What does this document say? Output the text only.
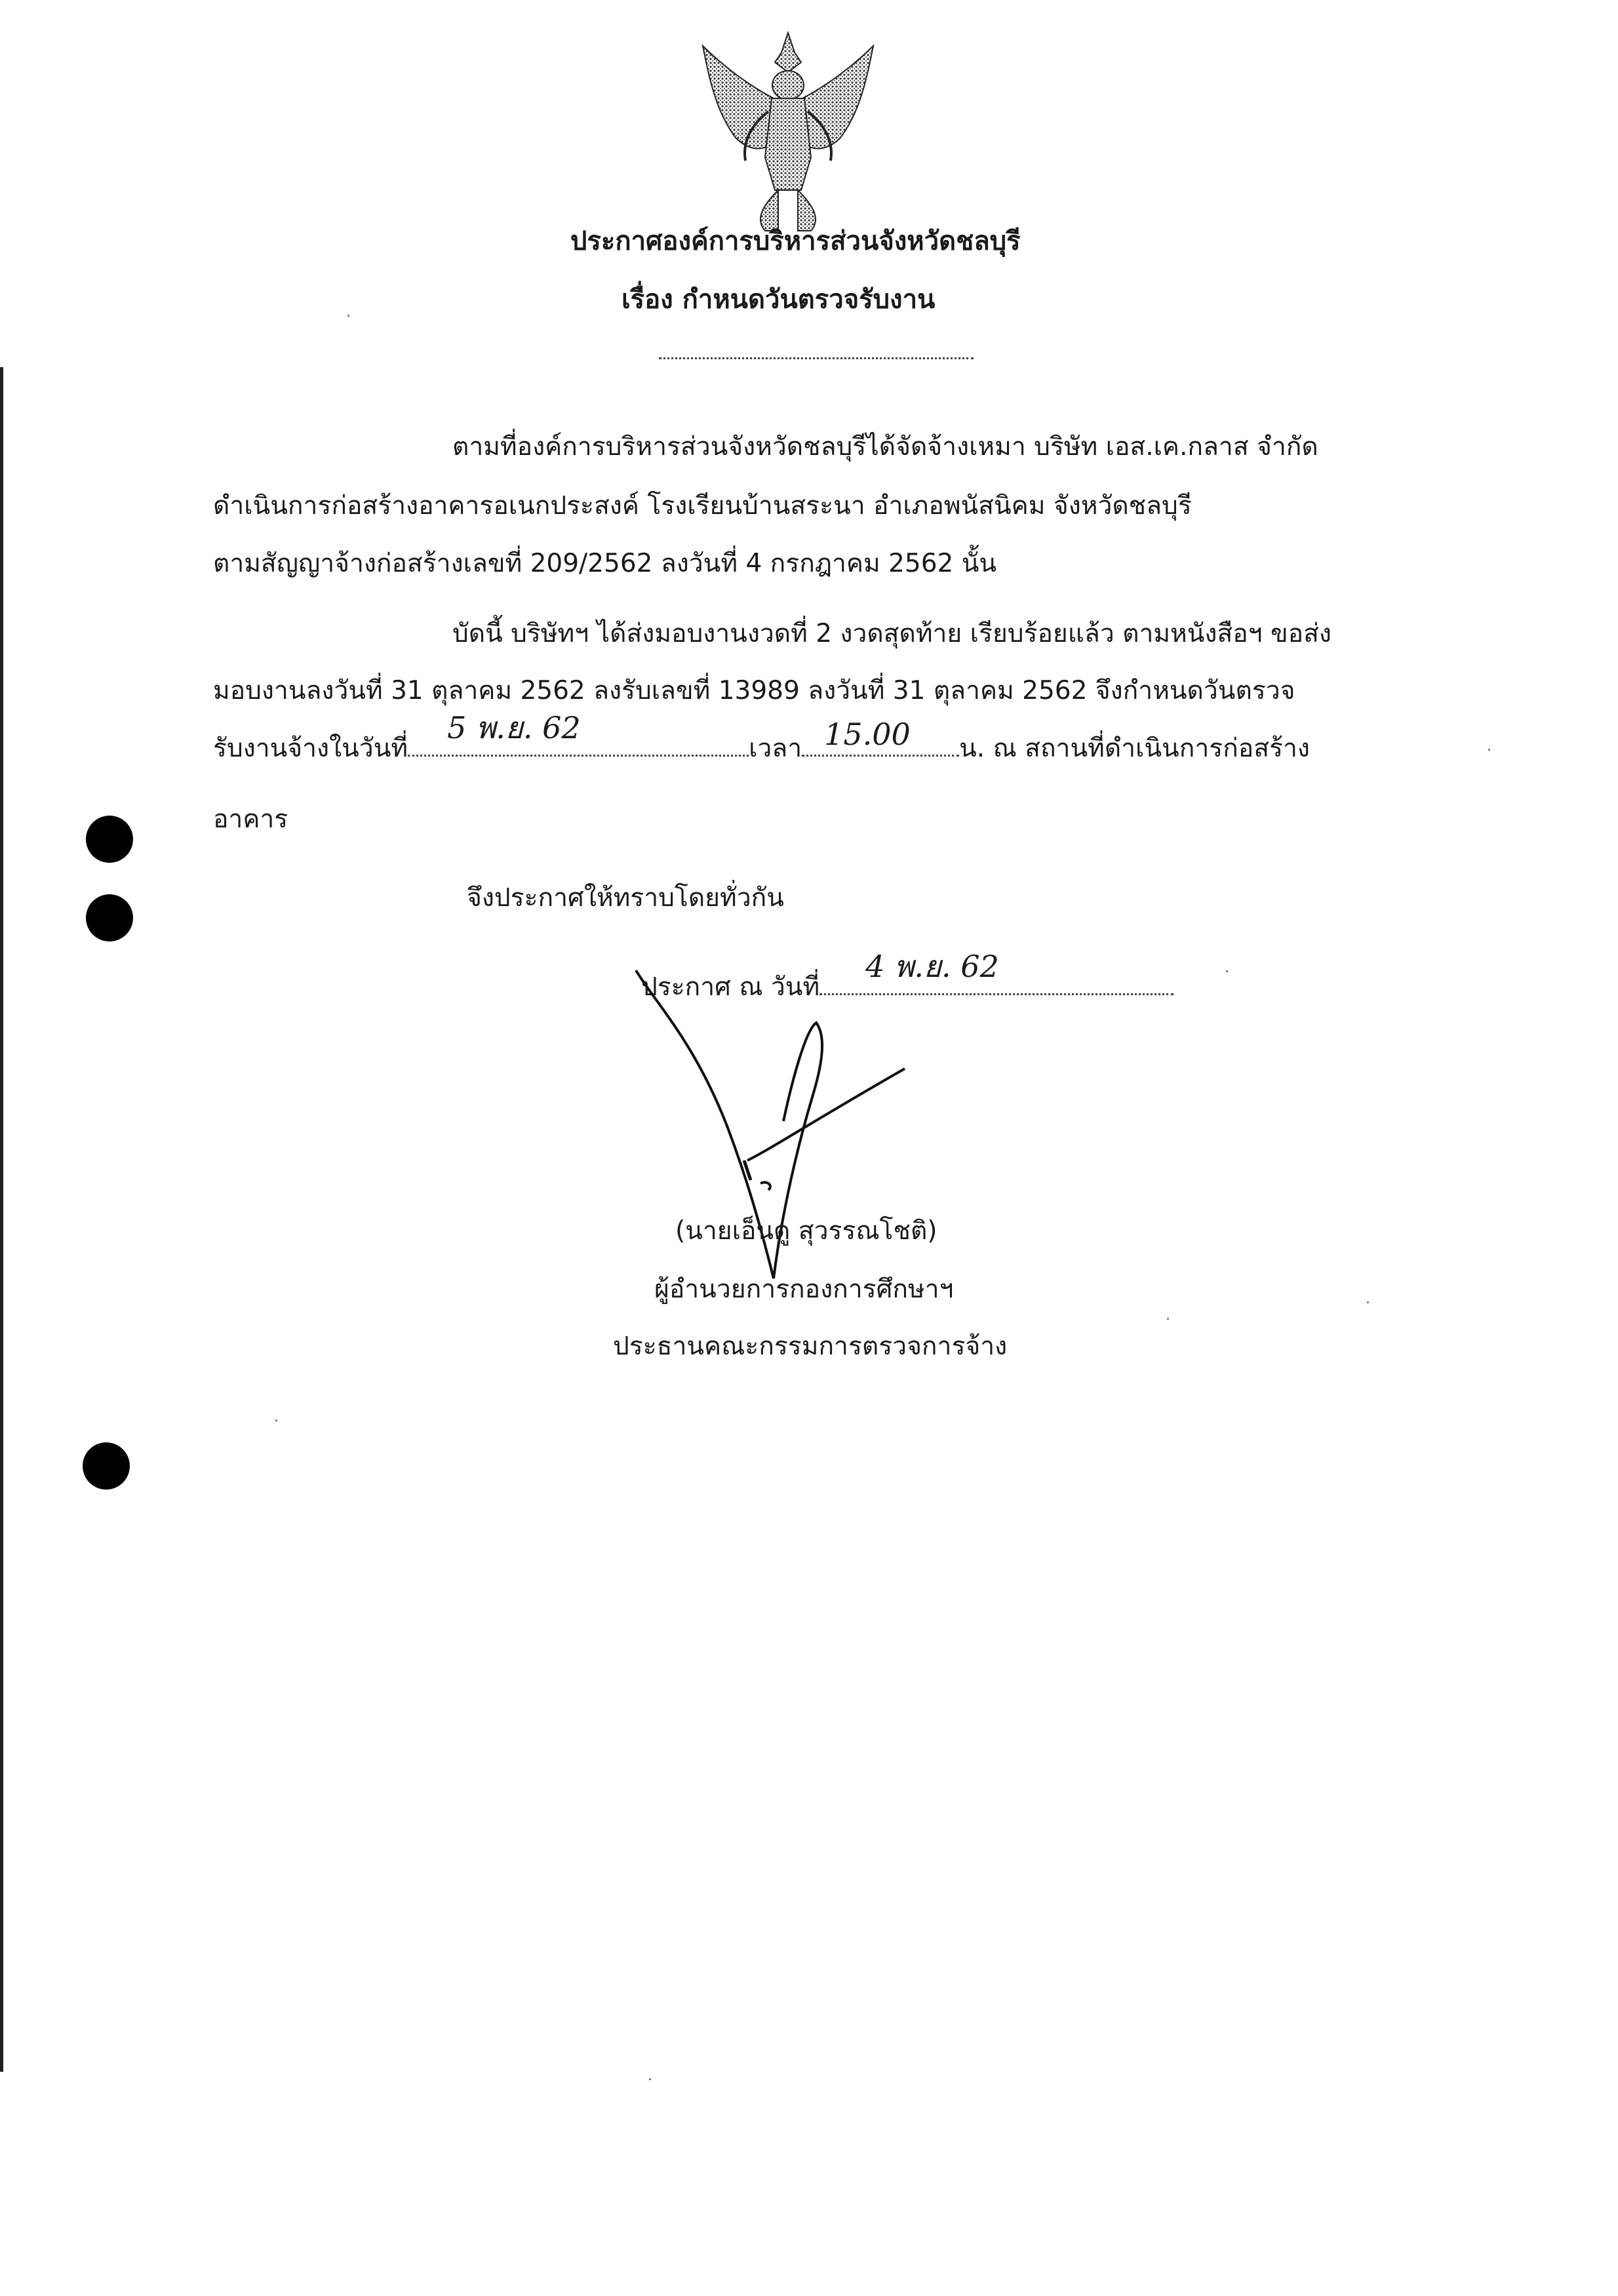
ประกาศองค์การบริหารส่วนจังหวัดชลบุรี
เรื่อง กำหนดวันตรวจรับงาน
ตามที่องค์การบริหารส่วนจังหวัดชลบุรีได้จัดจ้างเหมา บริษัท เอส.เค.กลาส จำกัด
ดำเนินการก่อสร้างอาคารอเนกประสงค์ โรงเรียนบ้านสระนา อำเภอพนัสนิคม จังหวัดชลบุรี
ตามสัญญาจ้างก่อสร้างเลขที่ 209/2562 ลงวันที่ 4 กรกฎาคม 2562 นั้น
บัดนี้ บริษัทฯ ได้ส่งมอบงานงวดที่ 2 งวดสุดท้าย เรียบร้อยแล้ว ตามหนังสือฯ ขอส่ง
มอบงานลงวันที่ 31 ตุลาคม 2562 ลงรับเลขที่ 13989 ลงวันที่ 31 ตุลาคม 2562 จึงกำหนดวันตรวจ
รับงานจ้างในวันที่
5 พ.ย. 62
เวลา 15.00 น. ณ สถานที่ดำเนินการก่อสร้าง
อาคาร
จึงประกาศให้ทราบโดยทั่วกัน
ประกาศ ณ วันที่
4 พ.ย. 62
(นายเอ็นดู สุวรรณโชติ)
ผู้อำนวยการกองการศึกษาฯ
ประธานคณะกรรมการตรวจการจ้าง
